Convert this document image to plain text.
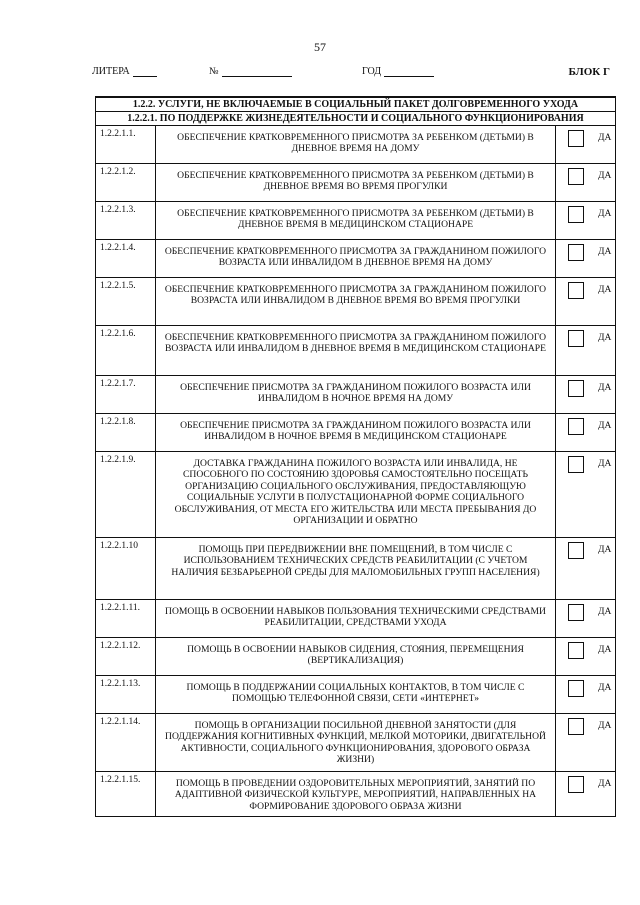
57
ЛИТЕРА	№	ГОД	БЛОК Г
1.2.2. УСЛУГИ, НЕ ВКЛЮЧАЕМЫЕ В СОЦИАЛЬНЫЙ ПАКЕТ ДОЛГОВРЕМЕННОГО УХОДА		
1.2.2.1. ПО ПОДДЕРЖКЕ ЖИЗНЕДЕЯТЕЛЬНОСТИ И СОЦИАЛЬНОГО ФУНКЦИОНИРОВАНИЯ		
1.2.2.1.1.	ОБЕСПЕЧЕНИЕ КРАТКОВРЕМЕННОГО ПРИСМОТРА ЗА РЕБЕНКОМ (ДЕТЬМИ) В ДНЕВНОЕ ВРЕМЯ НА ДОМУ	ДА

1.2.2.1.2.	ОБЕСПЕЧЕНИЕ КРАТКОВРЕМЕННОГО ПРИСМОТРА ЗА РЕБЕНКОМ (ДЕТЬМИ) В ДНЕВНОЕ ВРЕМЯ ВО ВРЕМЯ ПРОГУЛКИ	ДА

1.2.2.1.3.	ОБЕСПЕЧЕНИЕ КРАТКОВРЕМЕННОГО ПРИСМОТРА ЗА РЕБЕНКОМ (ДЕТЬМИ) В ДНЕВНОЕ ВРЕМЯ В МЕДИЦИНСКОМ СТАЦИОНАРЕ	ДА

1.2.2.1.4.	ОБЕСПЕЧЕНИЕ КРАТКОВРЕМЕННОГО ПРИСМОТРА ЗА ГРАЖДАНИНОМ ПОЖИЛОГО ВОЗРАСТА ИЛИ ИНВАЛИДОМ В ДНЕВНОЕ ВРЕМЯ НА ДОМУ	ДА

1.2.2.1.5.	ОБЕСПЕЧЕНИЕ КРАТКОВРЕМЕННОГО ПРИСМОТРА ЗА ГРАЖДАНИНОМ ПОЖИЛОГО ВОЗРАСТА ИЛИ ИНВАЛИДОМ В ДНЕВНОЕ ВРЕМЯ ВО ВРЕМЯ ПРОГУЛКИ	ДА

1.2.2.1.6.	ОБЕСПЕЧЕНИЕ КРАТКОВРЕМЕННОГО ПРИСМОТРА ЗА ГРАЖДАНИНОМ ПОЖИЛОГО ВОЗРАСТА ИЛИ ИНВАЛИДОМ В ДНЕВНОЕ ВРЕМЯ В МЕДИЦИНСКОМ СТАЦИОНАРЕ	ДА

1.2.2.1.7.	ОБЕСПЕЧЕНИЕ ПРИСМОТРА ЗА ГРАЖДАНИНОМ ПОЖИЛОГО ВОЗРАСТА ИЛИ ИНВАЛИДОМ В НОЧНОЕ ВРЕМЯ НА ДОМУ	ДА

1.2.2.1.8.	ОБЕСПЕЧЕНИЕ ПРИСМОТРА ЗА ГРАЖДАНИНОМ ПОЖИЛОГО ВОЗРАСТА ИЛИ ИНВАЛИДОМ В НОЧНОЕ ВРЕМЯ В МЕДИЦИНСКОМ СТАЦИОНАРЕ	ДА

1.2.2.1.9.	ДОСТАВКА ГРАЖДАНИНА ПОЖИЛОГО ВОЗРАСТА ИЛИ ИНВАЛИДА, НЕ СПОСОБНОГО ПО СОСТОЯНИЮ ЗДОРОВЬЯ САМОСТОЯТЕЛЬНО ПОСЕЩАТЬ ОРГАНИЗАЦИЮ СОЦИАЛЬНОГО ОБСЛУЖИВАНИЯ, ПРЕДОСТАВЛЯЮЩУЮ СОЦИАЛЬНЫЕ УСЛУГИ В ПОЛУСТАЦИОНАРНОЙ ФОРМЕ СОЦИАЛЬНОГО ОБСЛУЖИВАНИЯ, ОТ МЕСТА ЕГО ЖИТЕЛЬСТВА ИЛИ МЕСТА ПРЕБЫВАНИЯ ДО ОРГАНИЗАЦИИ И ОБРАТНО	ДА

1.2.2.1.10	ПОМОЩЬ ПРИ ПЕРЕДВИЖЕНИИ ВНЕ ПОМЕЩЕНИЙ, В ТОМ ЧИСЛЕ С ИСПОЛЬЗОВАНИЕМ ТЕХНИЧЕСКИХ СРЕДСТВ РЕАБИЛИТАЦИИ (С УЧЕТОМ НАЛИЧИЯ БЕЗБАРЬЕРНОЙ СРЕДЫ ДЛЯ МАЛОМОБИЛЬНЫХ ГРУПП НАСЕЛЕНИЯ)	ДА

1.2.2.1.11.	ПОМОЩЬ В ОСВОЕНИИ НАВЫКОВ ПОЛЬЗОВАНИЯ ТЕХНИЧЕСКИМИ СРЕДСТВАМИ РЕАБИЛИТАЦИИ, СРЕДСТВАМИ УХОДА	ДА

1.2.2.1.12.	ПОМОЩЬ В ОСВОЕНИИ НАВЫКОВ СИДЕНИЯ, СТОЯНИЯ, ПЕРЕМЕЩЕНИЯ (ВЕРТИКАЛИЗАЦИЯ)	ДА

1.2.2.1.13.	ПОМОЩЬ В ПОДДЕРЖАНИИ СОЦИАЛЬНЫХ КОНТАКТОВ, В ТОМ ЧИСЛЕ С ПОМОЩЬЮ ТЕЛЕФОННОЙ СВЯЗИ, СЕТИ «ИНТЕРНЕТ»	ДА

1.2.2.1.14.	ПОМОЩЬ В ОРГАНИЗАЦИИ ПОСИЛЬНОЙ ДНЕВНОЙ ЗАНЯТОСТИ (ДЛЯ ПОДДЕРЖАНИЯ КОГНИТИВНЫХ ФУНКЦИЙ, МЕЛКОЙ МОТОРИКИ, ДВИГАТЕЛЬНОЙ АКТИВНОСТИ, СОЦИАЛЬНОГО ФУНКЦИОНИРОВАНИЯ, ЗДОРОВОГО ОБРАЗА ЖИЗНИ)	ДА

1.2.2.1.15.	ПОМОЩЬ В ПРОВЕДЕНИИ ОЗДОРОВИТЕЛЬНЫХ МЕРОПРИЯТИЙ, ЗАНЯТИЙ ПО АДАПТИВНОЙ ФИЗИЧЕСКОЙ КУЛЬТУРЕ, МЕРОПРИЯТИЙ, НАПРАВЛЕННЫХ НА ФОРМИРОВАНИЕ ЗДОРОВОГО ОБРАЗА ЖИЗНИ	ДА
